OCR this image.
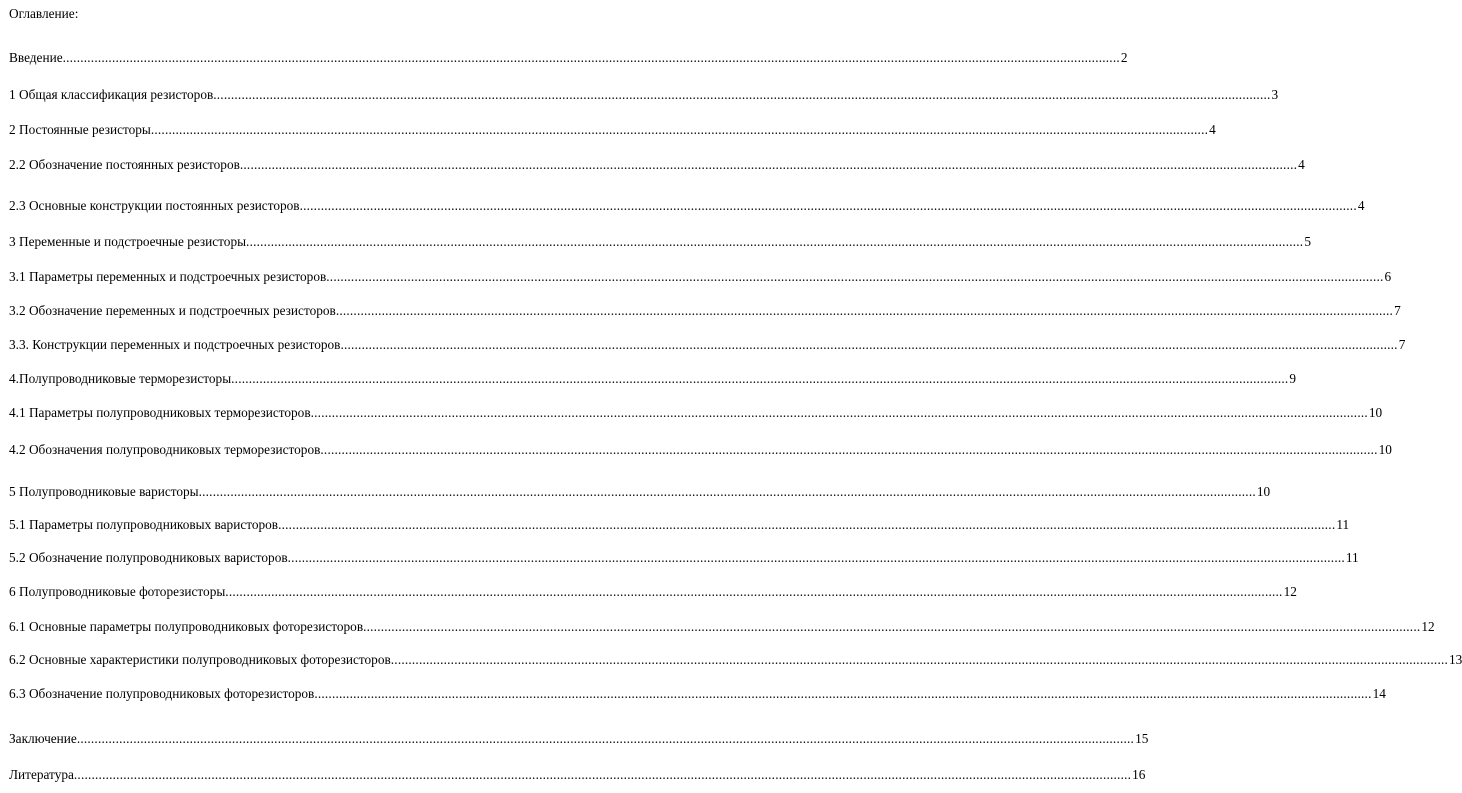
Оглавление:
Введение ............................................................................................................................................................................................................................................................................................................ 2
1 Общая классификация резисторов ............................................................................................................................................................................................................................................................................................................ 3
2 Постоянные резисторы ............................................................................................................................................................................................................................................................................................................ 4
2.2 Обозначение постоянных резисторов ............................................................................................................................................................................................................................................................................................................ 4
2.3 Основные конструкции постоянных резисторов ............................................................................................................................................................................................................................................................................................................ 4
3 Переменные и подстроечные резисторы ............................................................................................................................................................................................................................................................................................................ 5
3.1 Параметры переменных и подстроечных резисторов ............................................................................................................................................................................................................................................................................................................ 6
3.2 Обозначение переменных и подстроечных резисторов ............................................................................................................................................................................................................................................................................................................ 7
3.3. Конструкции переменных и подстроечных резисторов ............................................................................................................................................................................................................................................................................................................ 7
4.Полупроводниковые терморезисторы ............................................................................................................................................................................................................................................................................................................ 9
4.1 Параметры полупроводниковых терморезисторов ............................................................................................................................................................................................................................................................................................................ 10
4.2 Обозначения полупроводниковых терморезисторов ............................................................................................................................................................................................................................................................................................................ 10
5 Полупроводниковые варисторы ............................................................................................................................................................................................................................................................................................................ 10
5.1 Параметры полупроводниковых варисторов ............................................................................................................................................................................................................................................................................................................ 11
5.2 Обозначение полупроводниковых варисторов ............................................................................................................................................................................................................................................................................................................ 11
6 Полупроводниковые фоторезисторы ............................................................................................................................................................................................................................................................................................................ 12
6.1 Основные параметры полупроводниковых фоторезисторов ............................................................................................................................................................................................................................................................................................................ 12
6.2 Основные характеристики полупроводниковых фоторезисторов ............................................................................................................................................................................................................................................................................................................ 13
6.3 Обозначение полупроводниковых фоторезисторов ............................................................................................................................................................................................................................................................................................................ 14
Заключение ............................................................................................................................................................................................................................................................................................................ 15
Литература ............................................................................................................................................................................................................................................................................................................ 16
